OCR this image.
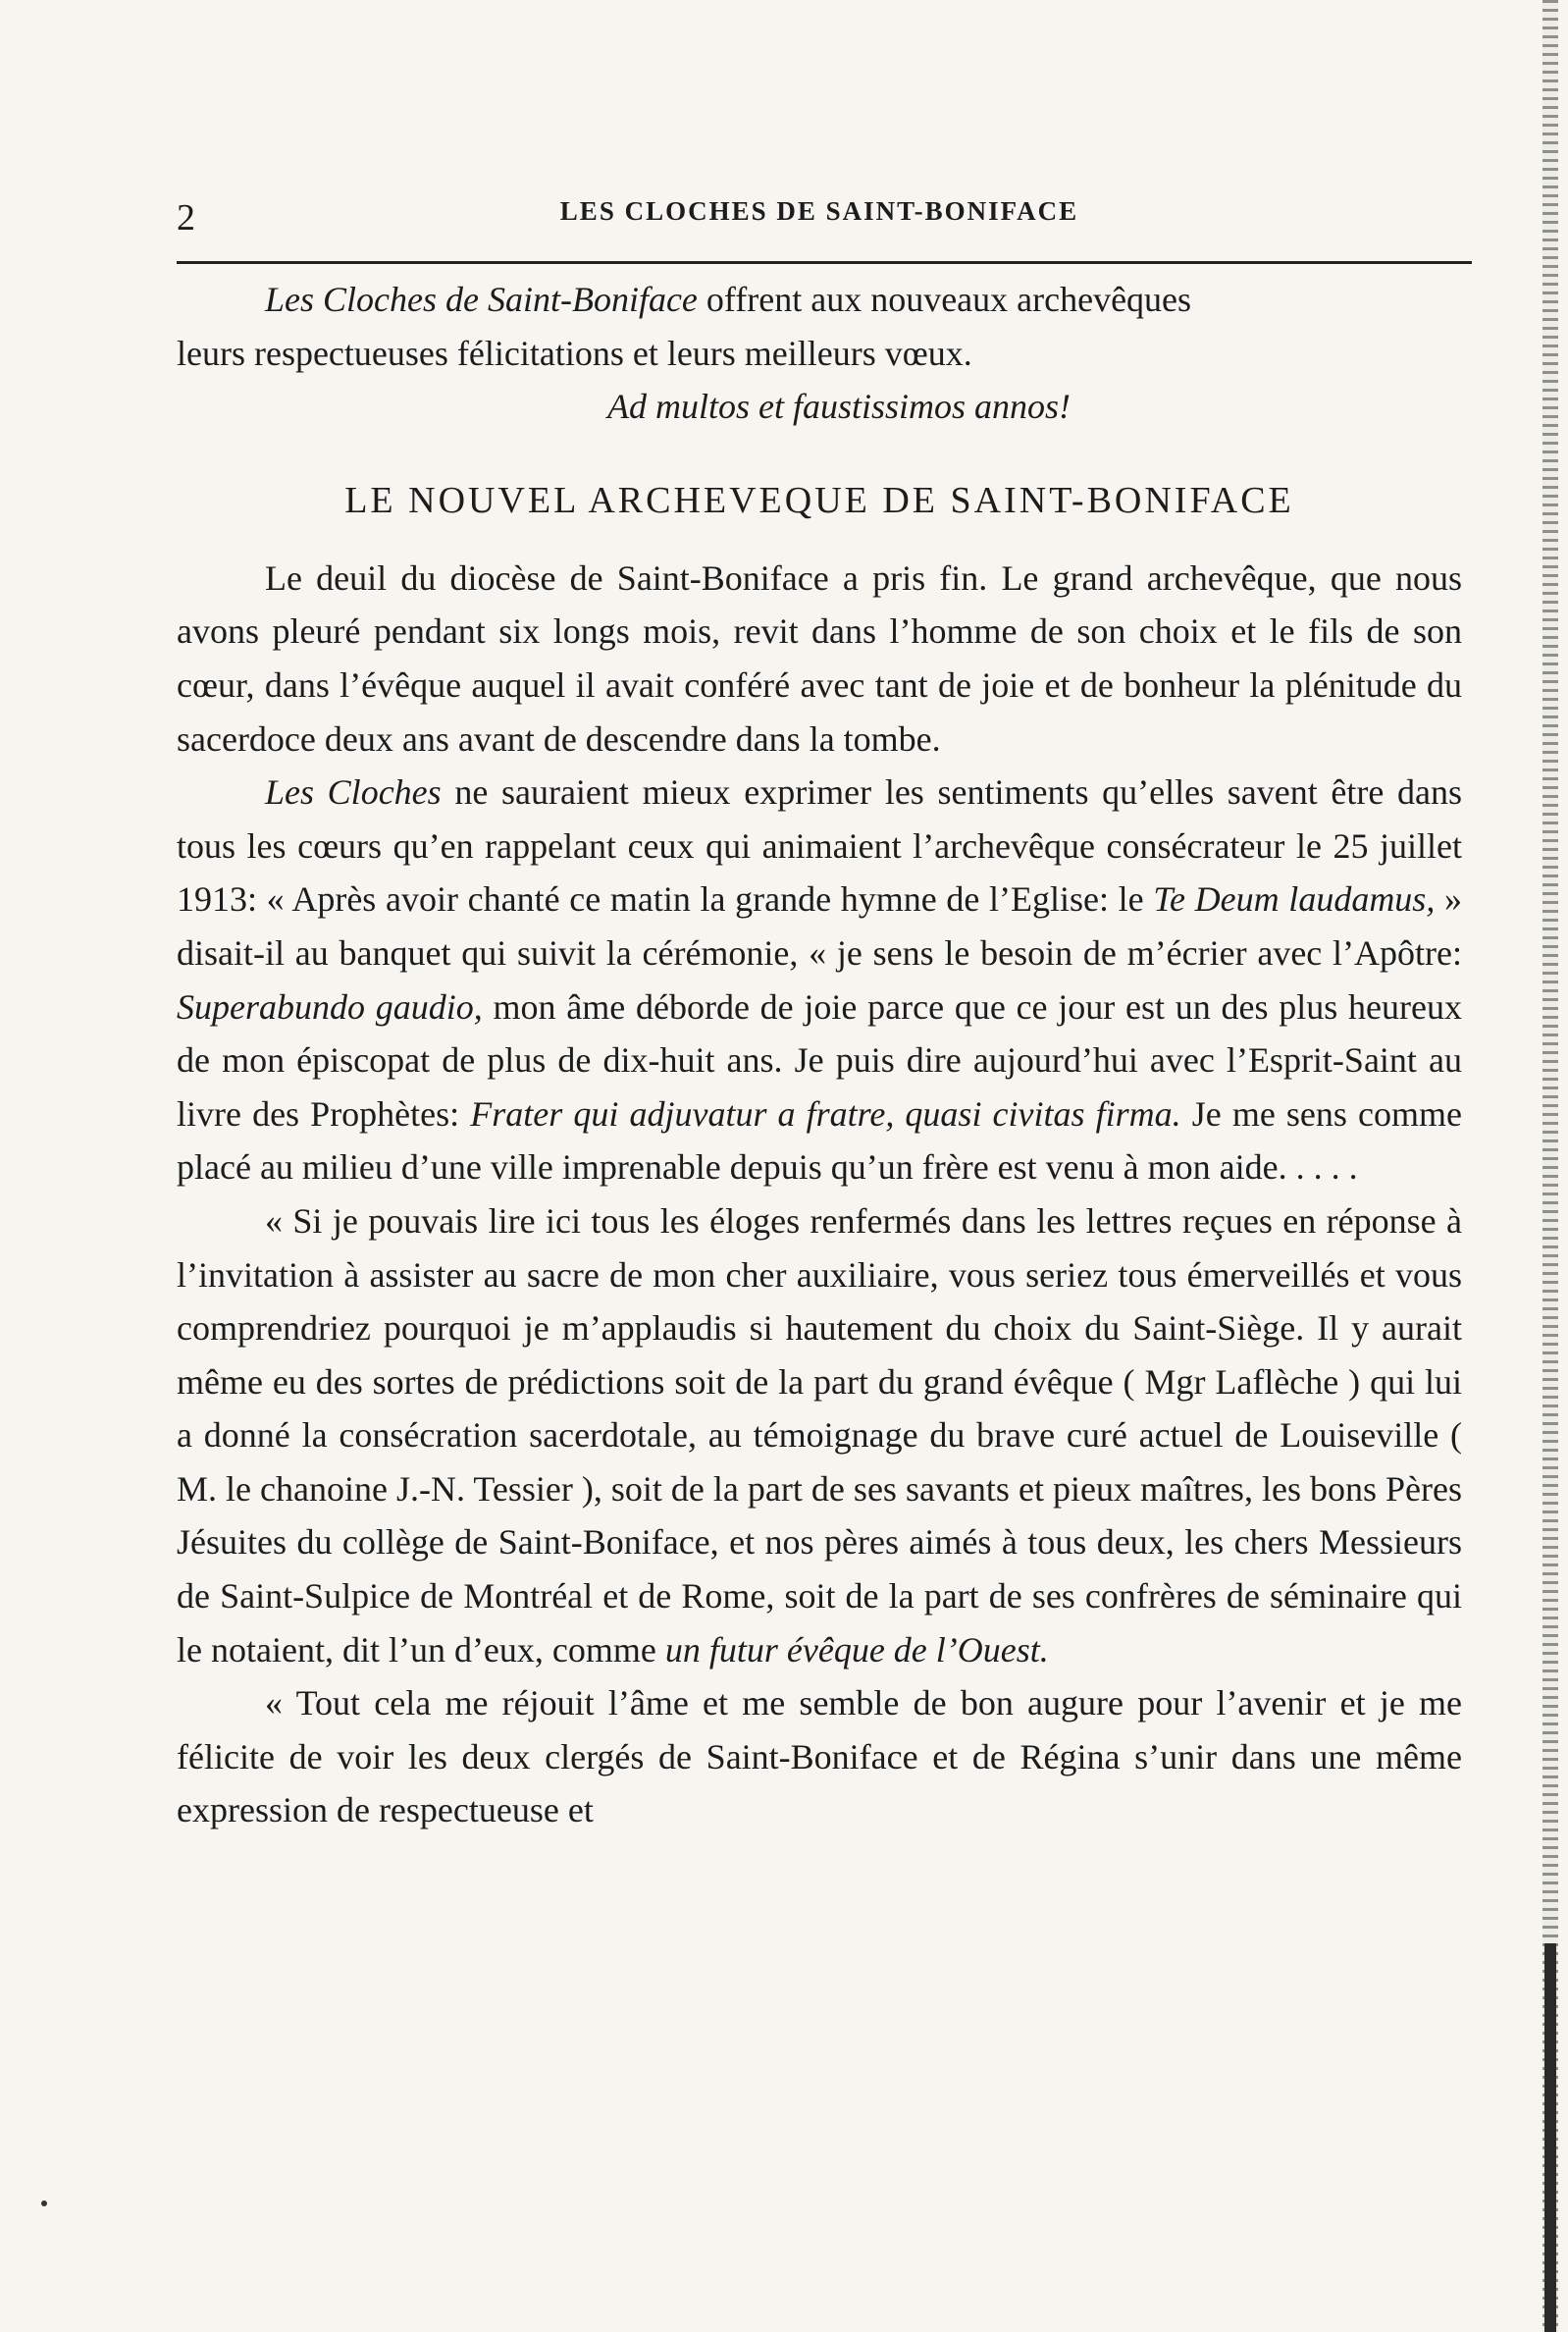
2	LES CLOCHES DE SAINT-BONIFACE

Les Cloches de Saint-Boniface offrent aux nouveaux archevêques

leurs respectueuses félicitations et leurs meilleurs vœux.

Ad multos et faustissimos annos!

LE NOUVEL ARCHEVEQUE DE SAINT-BONIFACE

Le deuil du diocèse de Saint-Boniface a pris fin. Le grand archevêque, que nous avons pleuré pendant six longs mois, revit dans l’homme de son choix et le fils de son cœur, dans l’évêque auquel il avait conféré avec tant de joie et de bonheur la plénitude du sacerdoce deux ans avant de descendre dans la tombe.

Les Cloches ne sauraient mieux exprimer les sentiments qu’elles savent être dans tous les cœurs qu’en rappelant ceux qui animaient l’archevêque consécrateur le 25 juillet 1913: « Après avoir chanté ce matin la grande hymne de l’Eglise: le Te Deum laudamus, » disait-il au banquet qui suivit la cérémonie, « je sens le besoin de m’écrier avec l’Apôtre: Superabundo gaudio, mon âme déborde de joie parce que ce jour est un des plus heureux de mon épiscopat de plus de dix-huit ans. Je puis dire aujourd’hui avec l’Esprit-Saint au livre des Prophètes: Frater qui adjuvatur a fratre, quasi civitas firma. Je me sens comme placé au milieu d’une ville imprenable depuis qu’un frère est venu à mon aide. . . . .

« Si je pouvais lire ici tous les éloges renfermés dans les lettres reçues en réponse à l’invitation à assister au sacre de mon cher auxiliaire, vous seriez tous émerveillés et vous comprendriez pourquoi je m’applaudis si hautement du choix du Saint-Siège. Il y aurait même eu des sortes de prédictions soit de la part du grand évêque ( Mgr Laflèche ) qui lui a donné la consécration sacerdotale, au témoignage du brave curé actuel de Louiseville ( M. le chanoine J.-N. Tessier ), soit de la part de ses savants et pieux maîtres, les bons Pères Jésuites du collège de Saint-Boniface, et nos pères aimés à tous deux, les chers Messieurs de Saint-Sulpice de Montréal et de Rome, soit de la part de ses confrères de séminaire qui le notaient, dit l’un d’eux, comme un futur évêque de l’Ouest.

« Tout cela me réjouit l’âme et me semble de bon augure pour l’avenir et je me félicite de voir les deux clergés de Saint-Boniface et de Régina s’unir dans une même expression de respectueuse et
